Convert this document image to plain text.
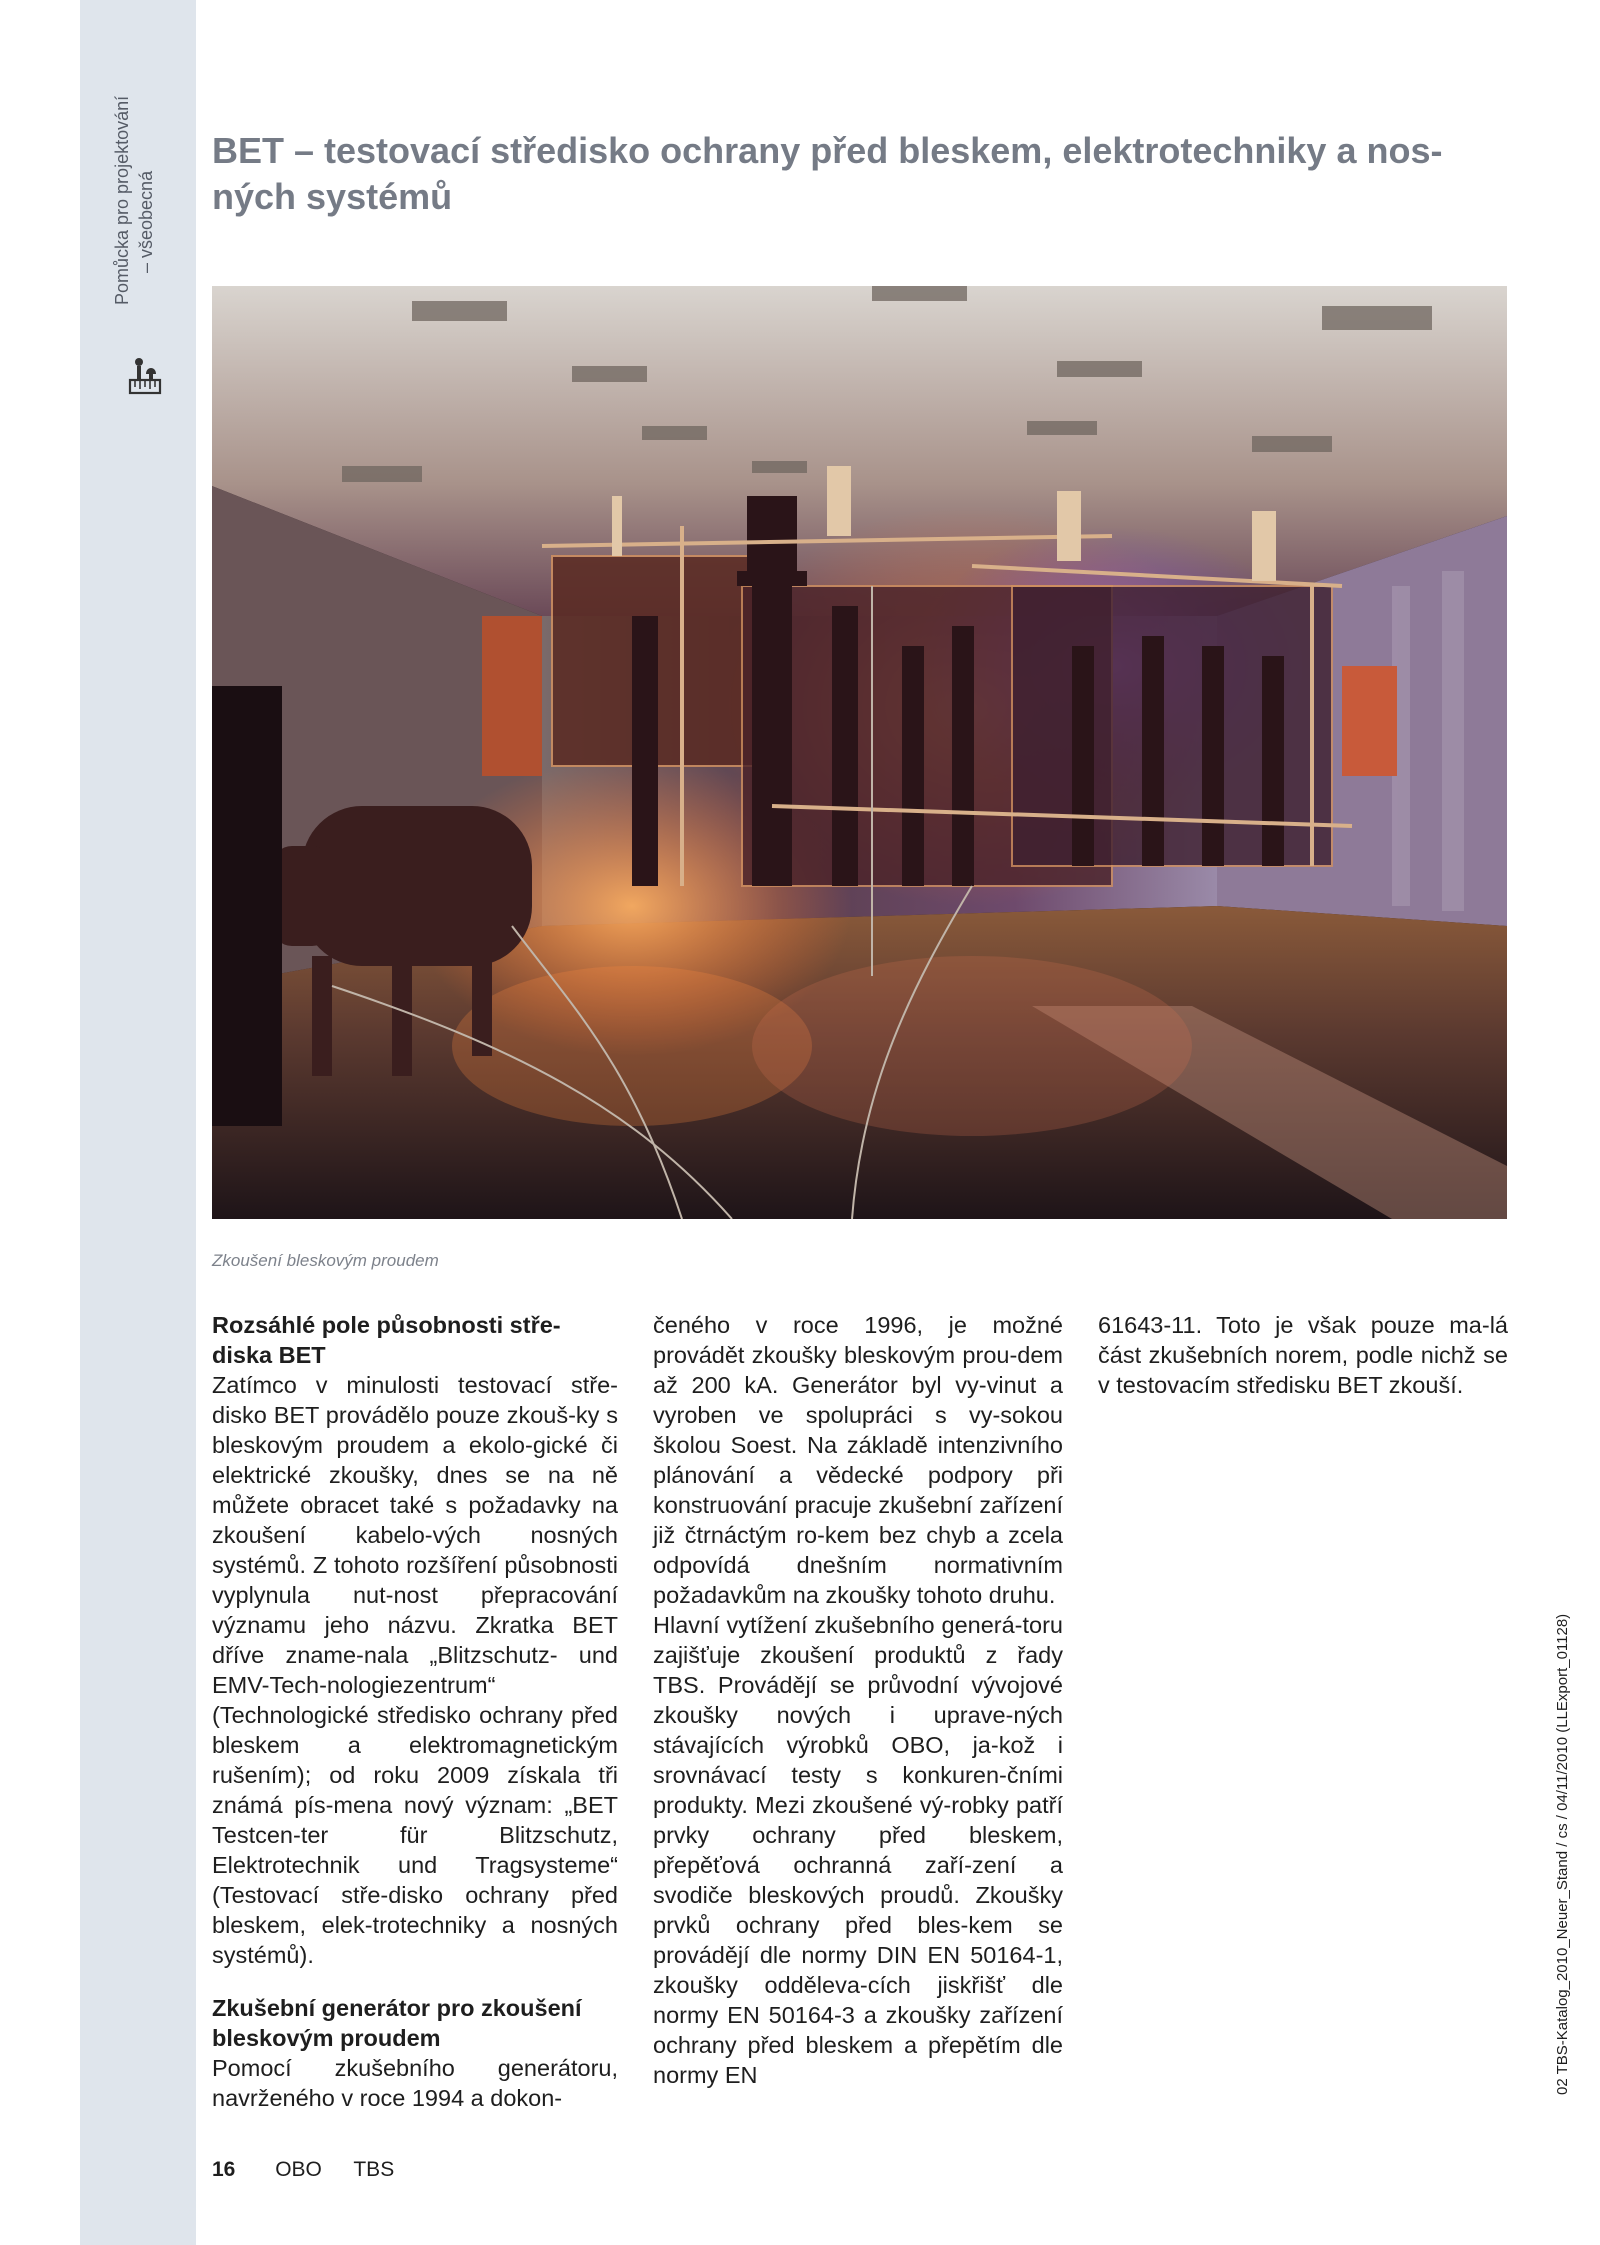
Pomůcka pro projektování – všeobecná
BET – testovací středisko ochrany před bleskem, elektrotechniky a nos-ných systémů

Zkoušení bleskovým proudem

Rozsáhlé pole působnosti stře-diska BET

Zatímco v minulosti testovací stře-disko BET provádělo pouze zkouš-ky s bleskovým proudem a ekolo-gické či elektrické zkoušky, dnes se na ně můžete obracet také s požadavky na zkoušení kabelo-vých nosných systémů. Z tohoto rozšíření působnosti vyplynula nut-nost přepracování významu jeho názvu. Zkratka BET dříve zname-nala „Blitzschutz- und EMV-Tech-nologiezentrum“ (Technologické středisko ochrany před bleskem a elektromagnetickým rušením); od roku 2009 získala tři známá pís-mena nový význam: „BET Testcen-ter für Blitzschutz, Elektrotechnik und Tragsysteme“ (Testovací stře-disko ochrany před bleskem, elek-trotechniky a nosných systémů).

Zkušební generátor pro zkoušení bleskovým proudem

Pomocí zkušebního generátoru, navrženého v roce 1994 a dokon-

čeného v roce 1996, je možné provádět zkoušky bleskovým prou-dem až 200 kA. Generátor byl vy-vinut a vyroben ve spolupráci s vy-sokou školou Soest. Na základě intenzivního plánování a vědecké podpory při konstruování pracuje zkušební zařízení již čtrnáctým ro-kem bez chyb a zcela odpovídá dnešním normativním požadavkům na zkoušky tohoto druhu.

Hlavní vytížení zkušebního generá-toru zajišťuje zkoušení produktů z řady TBS. Provádějí se průvodní vývojové zkoušky nových i uprave-ných stávajících výrobků OBO, ja-kož i srovnávací testy s konkuren-čními produkty. Mezi zkoušené vý-robky patří prvky ochrany před bleskem, přepěťová ochranná zaří-zení a svodiče bleskových proudů. Zkoušky prvků ochrany před bles-kem se provádějí dle normy DIN EN 50164-1, zkoušky odděleva-cích jiskřišť dle normy EN 50164-3 a zkoušky zařízení ochrany před bleskem a přepětím dle normy EN

61643-11. Toto je však pouze ma-lá část zkušebních norem, podle nichž se v testovacím středisku BET zkouší.

02 TBS-Katalog_2010_Neuer_Stand / cs / 04/11/2010 (LLExport_01128)
16 OBO TBS
